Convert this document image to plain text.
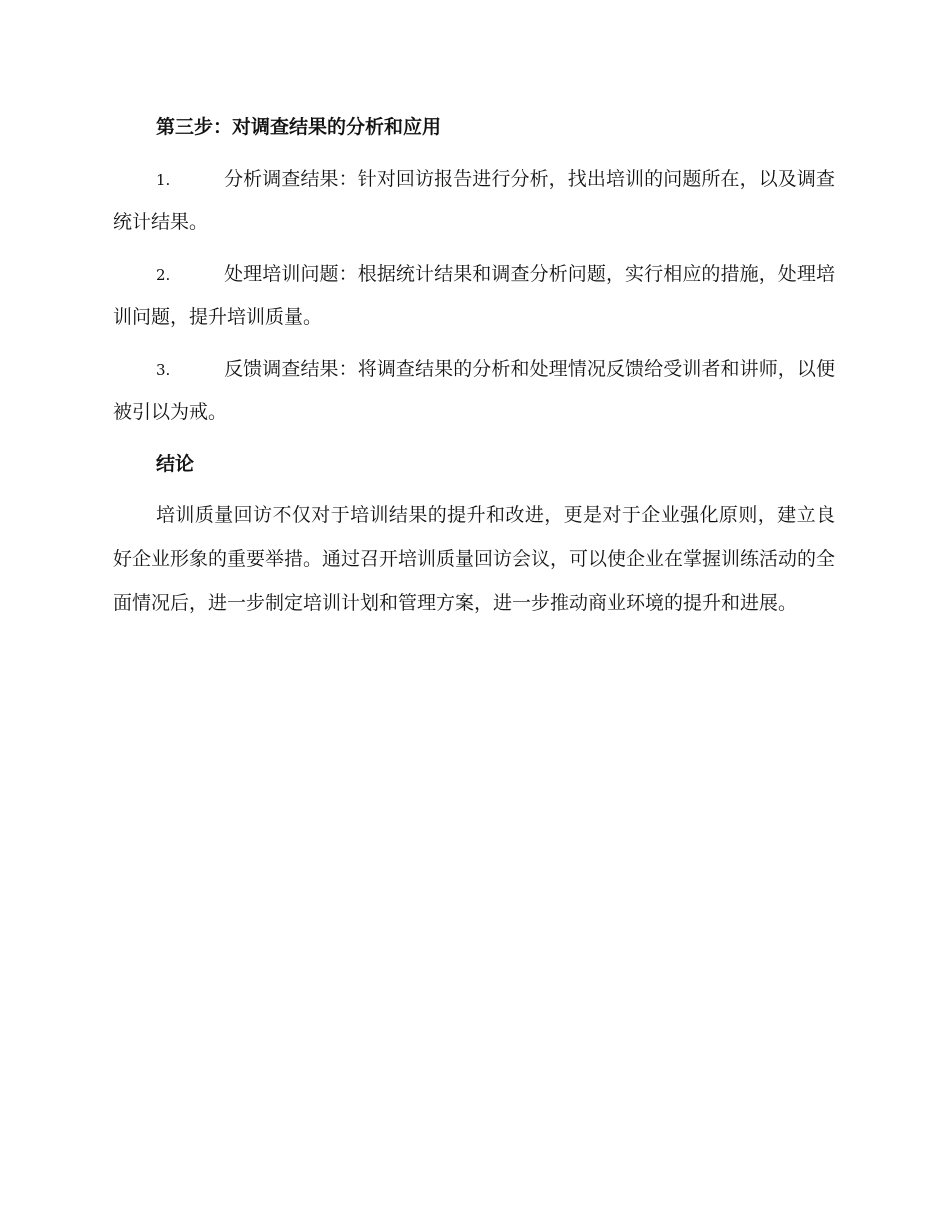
第三步：对调查结果的分析和应用

1.	分析调查结果：针对回访报告进行分析，找出培训的问题所在，以及调查统计结果。

2.	处理培训问题：根据统计结果和调查分析问题，实行相应的措施，处理培训问题，提升培训质量。

3.	反馈调查结果：将调查结果的分析和处理情况反馈给受训者和讲师，以便被引以为戒。

结论

培训质量回访不仅对于培训结果的提升和改进，更是对于企业强化原则，建立良好企业形象的重要举措。通过召开培训质量回访会议，可以使企业在掌握训练活动的全面情况后，进一步制定培训计划和管理方案，进一步推动商业环境的提升和进展。
